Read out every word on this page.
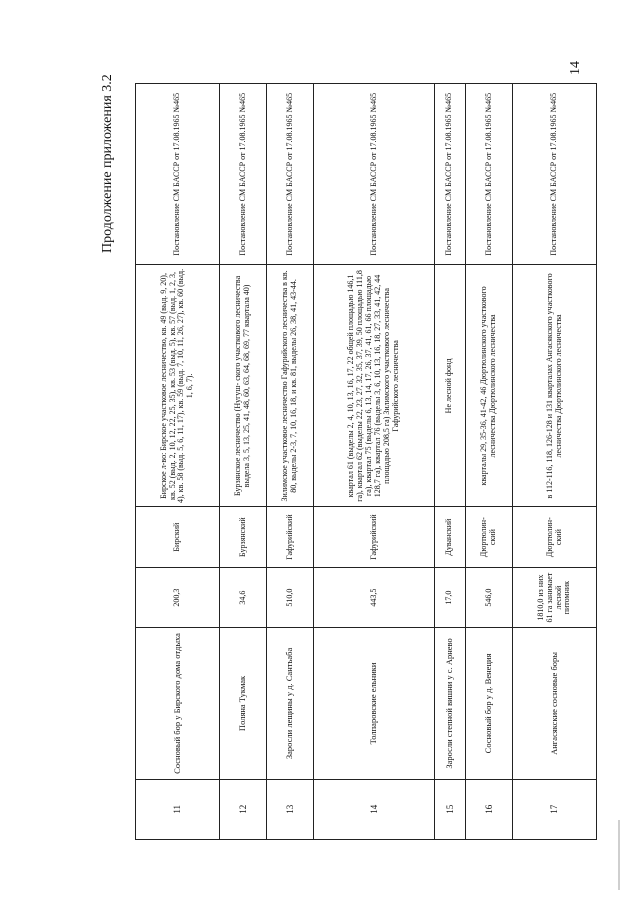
Продолжение приложения 3.2
11	Сосновый бор у Бирского дома отдыха	200,3	Бирский	Бирское л-во: Бирское участковое лесничество, кв. 49 (выд. 9, 20), кв. 52 (выд. 2, 10, 12, 22, 25, 35), кв. 53 (выд. 5), кв. 57 (выд. 1, 2, 3, 4), кв. 58 (выд. 5, 6, 11, 17), кв. 59 (выд. 7, 10, 11, 26, 27), кв. 60 (выд. 1, 6, 7).	Постановление СМ БАССР от 17.08.1965 №465
12	Поляна Тукмак	34,6	Бурзянский	Бурзянское лесничество (Нугуш- ского участкового лесничества выдела 3, 5, 13, 25, 41, 48, 60, 63, 64, 68, 69, 77 квартала 40)	Постановление СМ БАССР от 17.08.1965 №465
13	Заросли лещины у д. Сантьаба	510,0	Гафурийский	Зилимское участковое лесничество Гафурийского лесничества в кв. 80, выделы 2-3, 7, 10, 16, 18, и кв. 81, выделы 26, 38, 41, 43-44.	Постановление СМ БАССР от 17.08.1965 №465
14	Толпаровские ельники	443,5	Гафурийский	квартал 61 (выделы 2, 4, 10, 13, 16, 17, 22 общей площадью 146,1 га), квартал 62 (выделы 22, 23, 27, 32, 35, 37, 39, 50 площадью 111,8 га), квартал 75 (выделы 6, 13, 14, 17, 26, 37, 41, 61, 66 площадью 128,7 га), квартал 76 (выделы 3, 6, 10, 13, 16, 18, 27, 33, 41, 42, 44 площадью 208,5 га) Зилимского участкового лесничества Гафурийского лесничества	Постановление СМ БАССР от 17.08.1965 №465
15	Заросли степной вишни у с. Арнево	17,0	Дуванский	Не лесной фонд	Постановление СМ БАССР от 17.08.1965 №465
16	Сосновый бор у д. Венеция	546,0	Дюртюлин- ский	кварталы 29, 35-36, 41-42, 46 Дюртюлинского участкового лесничества Дюртюлинского лесничества	Постановление СМ БАССР от 17.08.1965 №465
17	Ангасякские сосновые боры	1810,0 из них 61 га занимает лесной питомник	Дюртюлин- ский	в 112-116, 118, 126-128 и 131 кварталах Ангасякского участкового лесничества Дюртюлинского лесничества	Постановление СМ БАССР от 17.08.1965 №465
14
